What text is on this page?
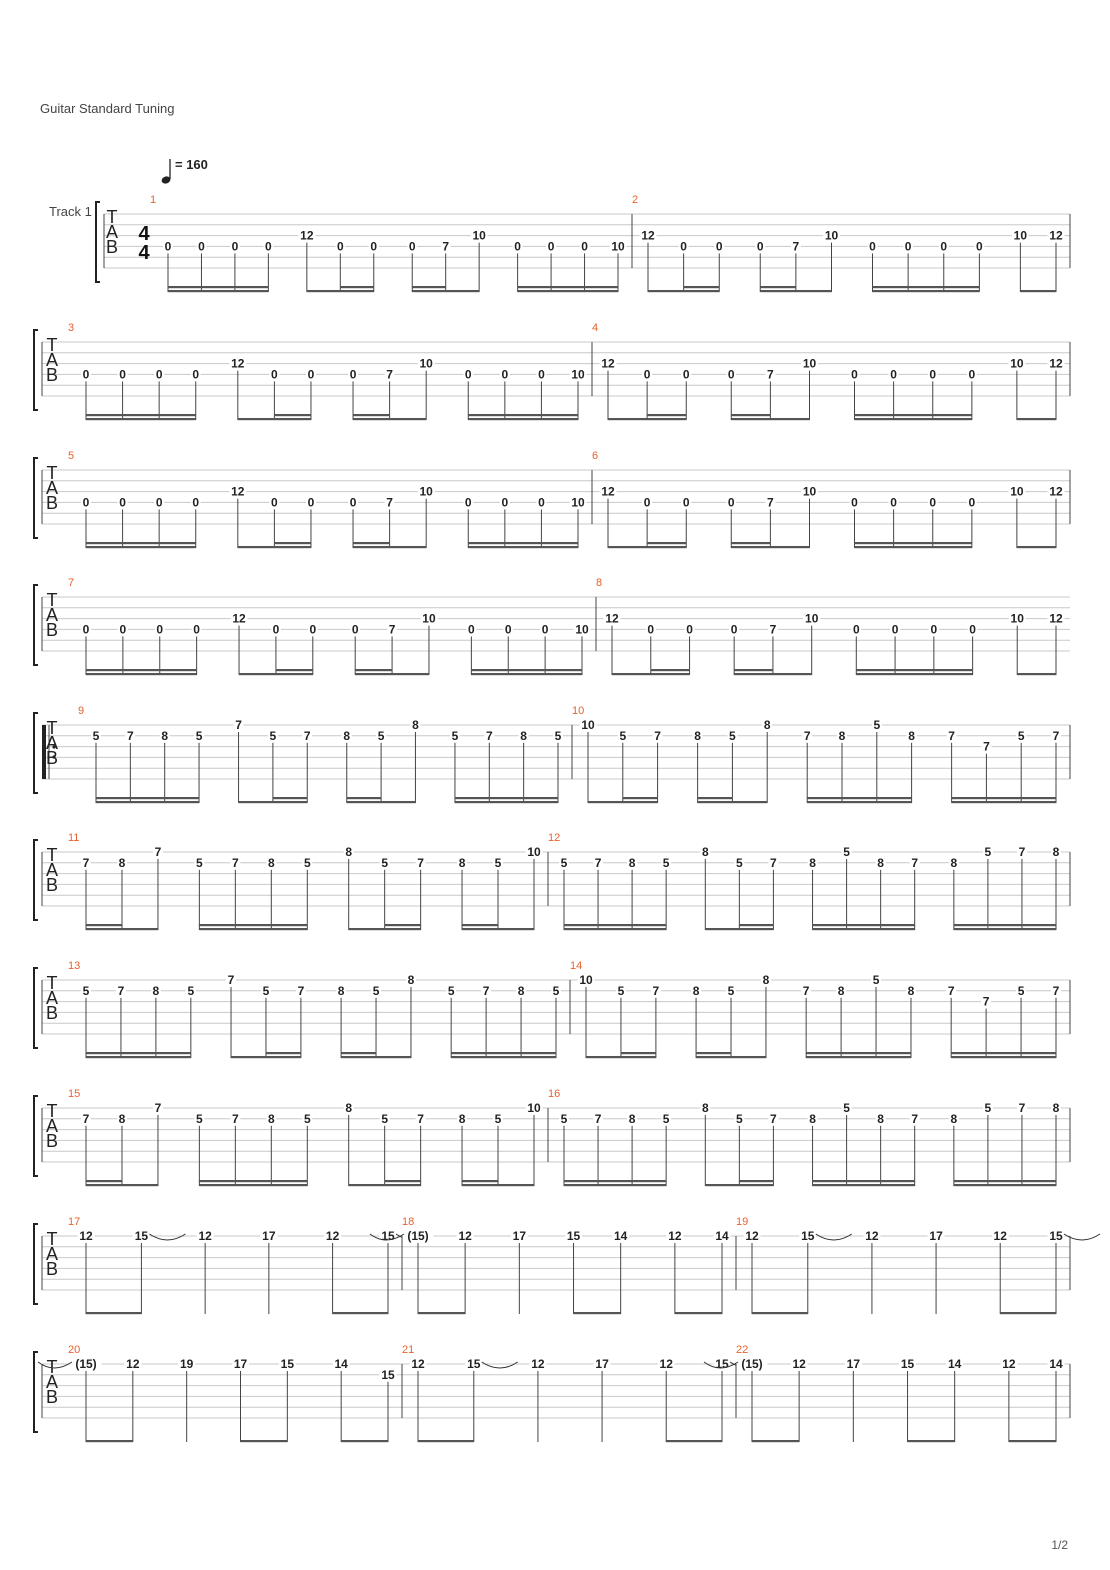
Guitar Standard Tuning
= 160
Track 1 T
A
B
4
4
1
0 0 0 0
12
0 0	0 7
10
0 0 0 10
2
12
0 0	0 7
10
0 0 0 0
10 12
T
A
B
3
0 0 0 0
12
0 0	0 7
10
0 0 0 10
4
12
0	0	0	7
10
0	0	0	0
10 12
T
A
B
5
0 0 0 0
12
0 0	0 7
10
0 0 0 10
6
12
0	0	0	7
10
0	0	0	0
10 12
T
A
B
7
0	0	0	0
12
0	0	0	7
10
0	0	0 10
8
12
0	0	0	7
10
0	0	0	0
10 12
T
A
B
9
5 7 8 5
7
5 7	8 5
8
5 7 8 5
10
10
5 7	8 5
8
7 8
5
8	7
7
5 7
T
A
B
11
7 8
7
5 7 8 5
8
5 7	8 5
10
12
5 7 8 5
8
5 7	8
5
8 7	8
5 7 8
T
A
B
13
5 7 8 5
7
5 7	8 5
8
5 7 8 5
14
10
5 7	8 5
8
7 8
5
8	7
7
5 7
T
A
B
15
7 8
7
5 7 8 5
8
5 7	8 5
10
16
5 7 8 5
8
5 7	8
5
8 7	8
5 7 8
T
A
B
17
12	15	12	17	12	15
18
(15) 12	17	15	14	12	14
19
12	15	12	17	12	15
T
A
B
20
(15) 12	19	17	15	14
15
21
12	15	12	17	12	15
22
(15) 12	17	15	14	12	14
1/2
